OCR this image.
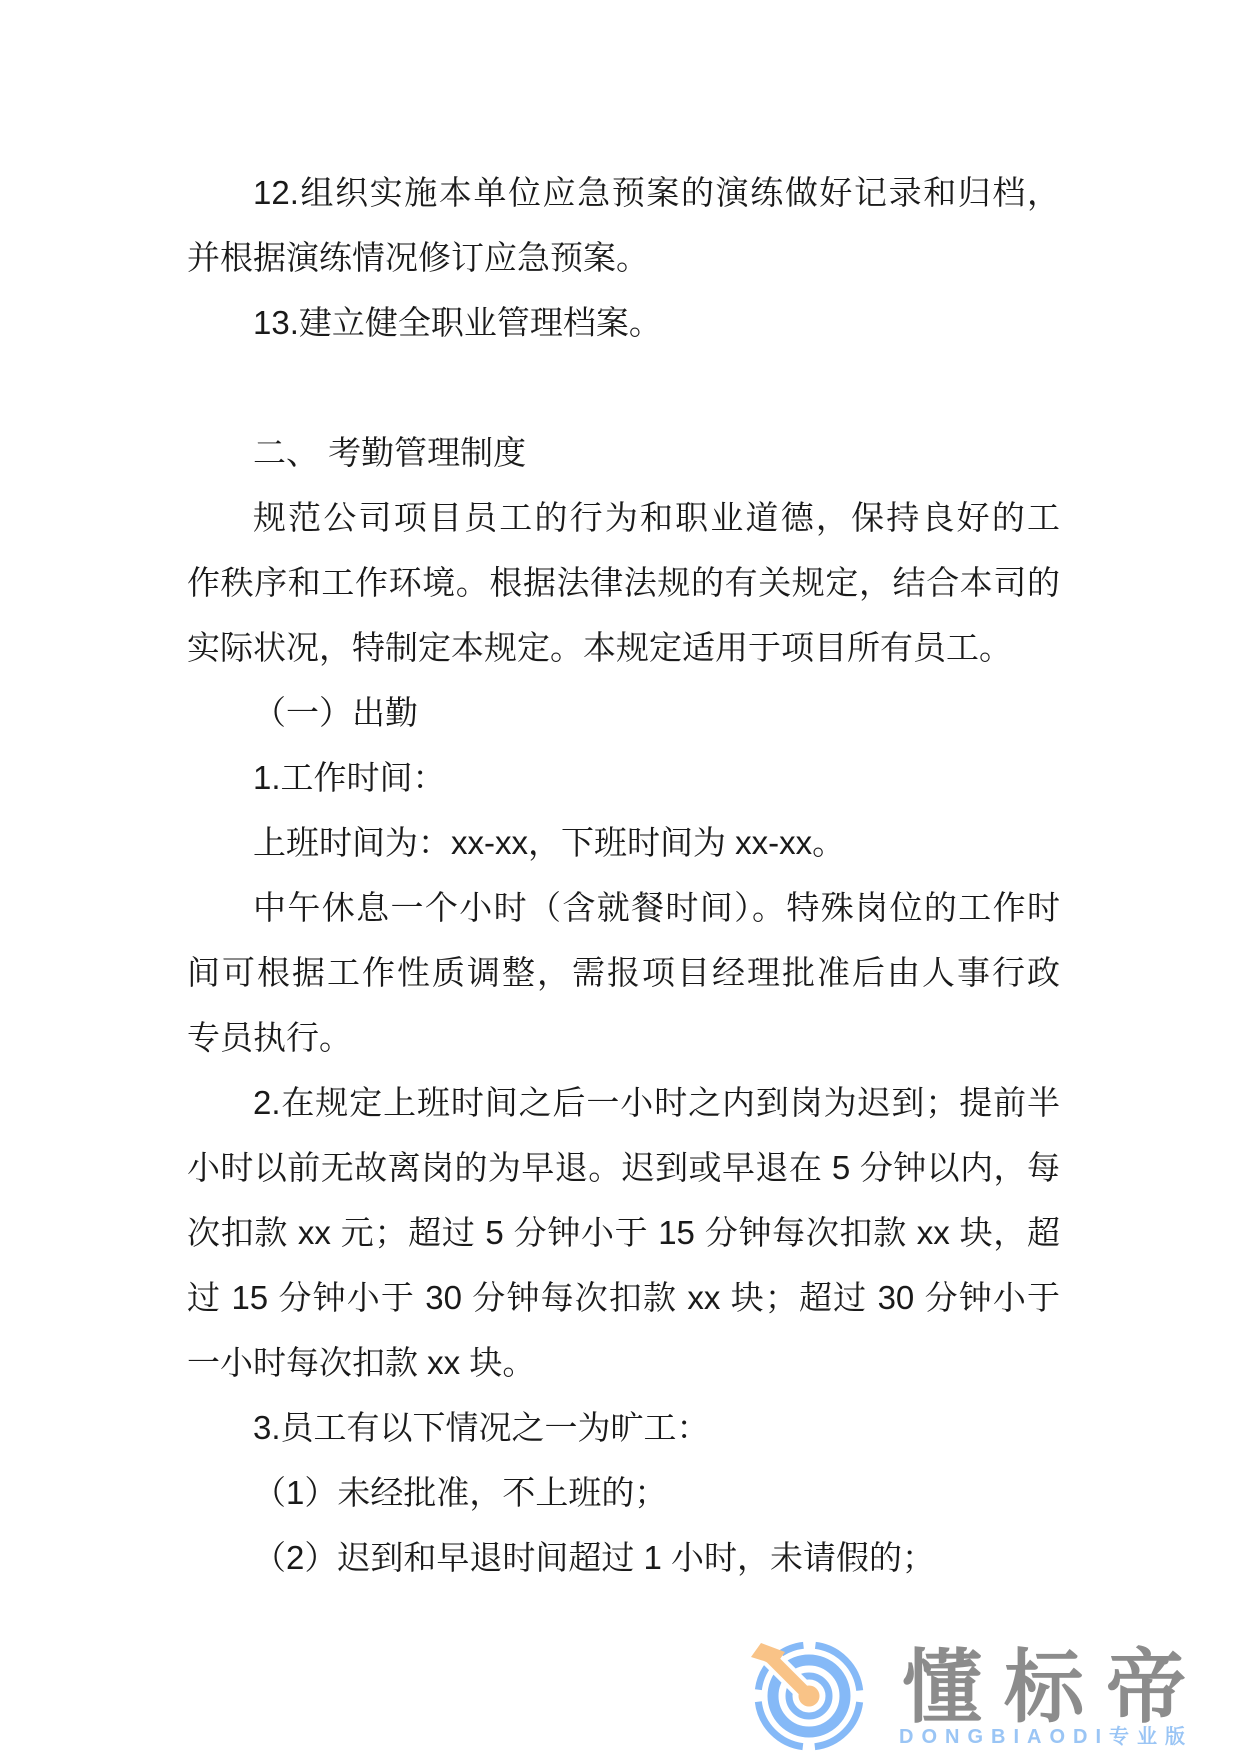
12.组织实施本单位应急预案的演练做好记录和归档，
并根据演练情况修订应急预案。
13.建立健全职业管理档案。

二、 考勤管理制度
规范公司项目员工的行为和职业道德，保持良好的工
作秩序和工作环境。根据法律法规的有关规定，结合本司的
实际状况，特制定本规定。本规定适用于项目所有员工。
（一）出勤
1.工作时间：
上班时间为：xx-xx，下班时间为 xx-xx。
中午休息一个小时（含就餐时间）。特殊岗位的工作时
间可根据工作性质调整，需报项目经理批准后由人事行政
专员执行。
2.在规定上班时间之后一小时之内到岗为迟到；提前半
小时以前无故离岗的为早退。迟到或早退在 5 分钟以内，每
次扣款 xx 元；超过 5 分钟小于 15 分钟每次扣款 xx 块，超
过 15 分钟小于 30 分钟每次扣款 xx 块；超过 30 分钟小于
一小时每次扣款 xx 块。
3.员工有以下情况之一为旷工：
（1）未经批准，不上班的；
（2）迟到和早退时间超过 1 小时，未请假的；
懂标帝
DONGBIAODI专业版
